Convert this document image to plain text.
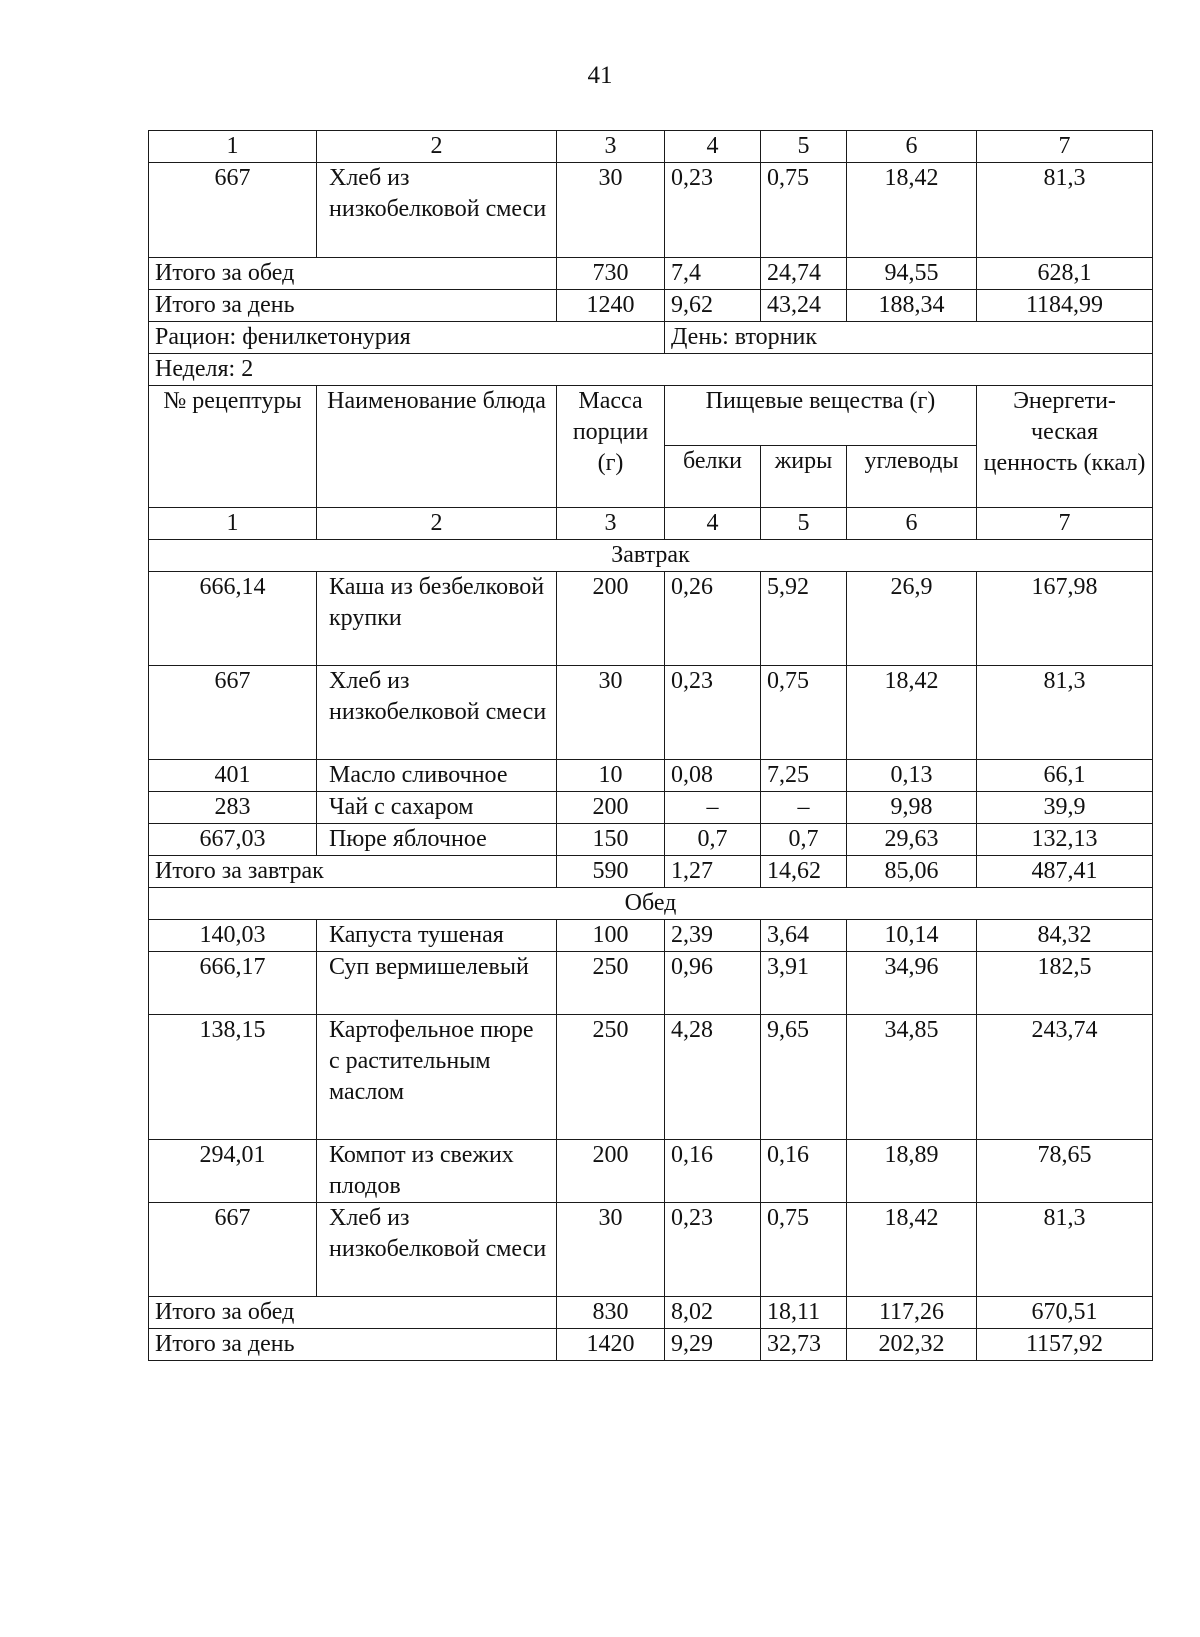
41
1	2	3	4	5	6	7
667	Хлеб из низкобелковой смеси	30	0,23	0,75	18,42	81,3
Итого за обед		730	7,4	24,74	94,55	628,1
Итого за день		1240	9,62	43,24	188,34	1184,99
Рацион: фенилкетонурия			День: вторник			
Неделя: 2						
№ рецептуры	Наименование блюда	Масса порции (г)	Пищевые вещества (г)			Энергети-ческая ценность (ккал)
			белки	жиры	углеводы	
1	2	3	4	5	6	7
Завтрак						
666,14	Каша из безбелковой крупки	200	0,26	5,92	26,9	167,98
667	Хлеб из низкобелковой смеси	30	0,23	0,75	18,42	81,3
401	Масло сливочное	10	0,08	7,25	0,13	66,1
283	Чай с сахаром	200	–	–	9,98	39,9
667,03	Пюре яблочное	150	0,7	0,7	29,63	132,13
Итого за завтрак		590	1,27	14,62	85,06	487,41
Обед						
140,03	Капуста тушеная	100	2,39	3,64	10,14	84,32
666,17	Суп вермишелевый	250	0,96	3,91	34,96	182,5
138,15	Картофельное пюре с растительным маслом	250	4,28	9,65	34,85	243,74
294,01	Компот из свежих плодов	200	0,16	0,16	18,89	78,65
667	Хлеб из низкобелковой смеси	30	0,23	0,75	18,42	81,3
Итого за обед		830	8,02	18,11	117,26	670,51
Итого за день		1420	9,29	32,73	202,32	1157,92
